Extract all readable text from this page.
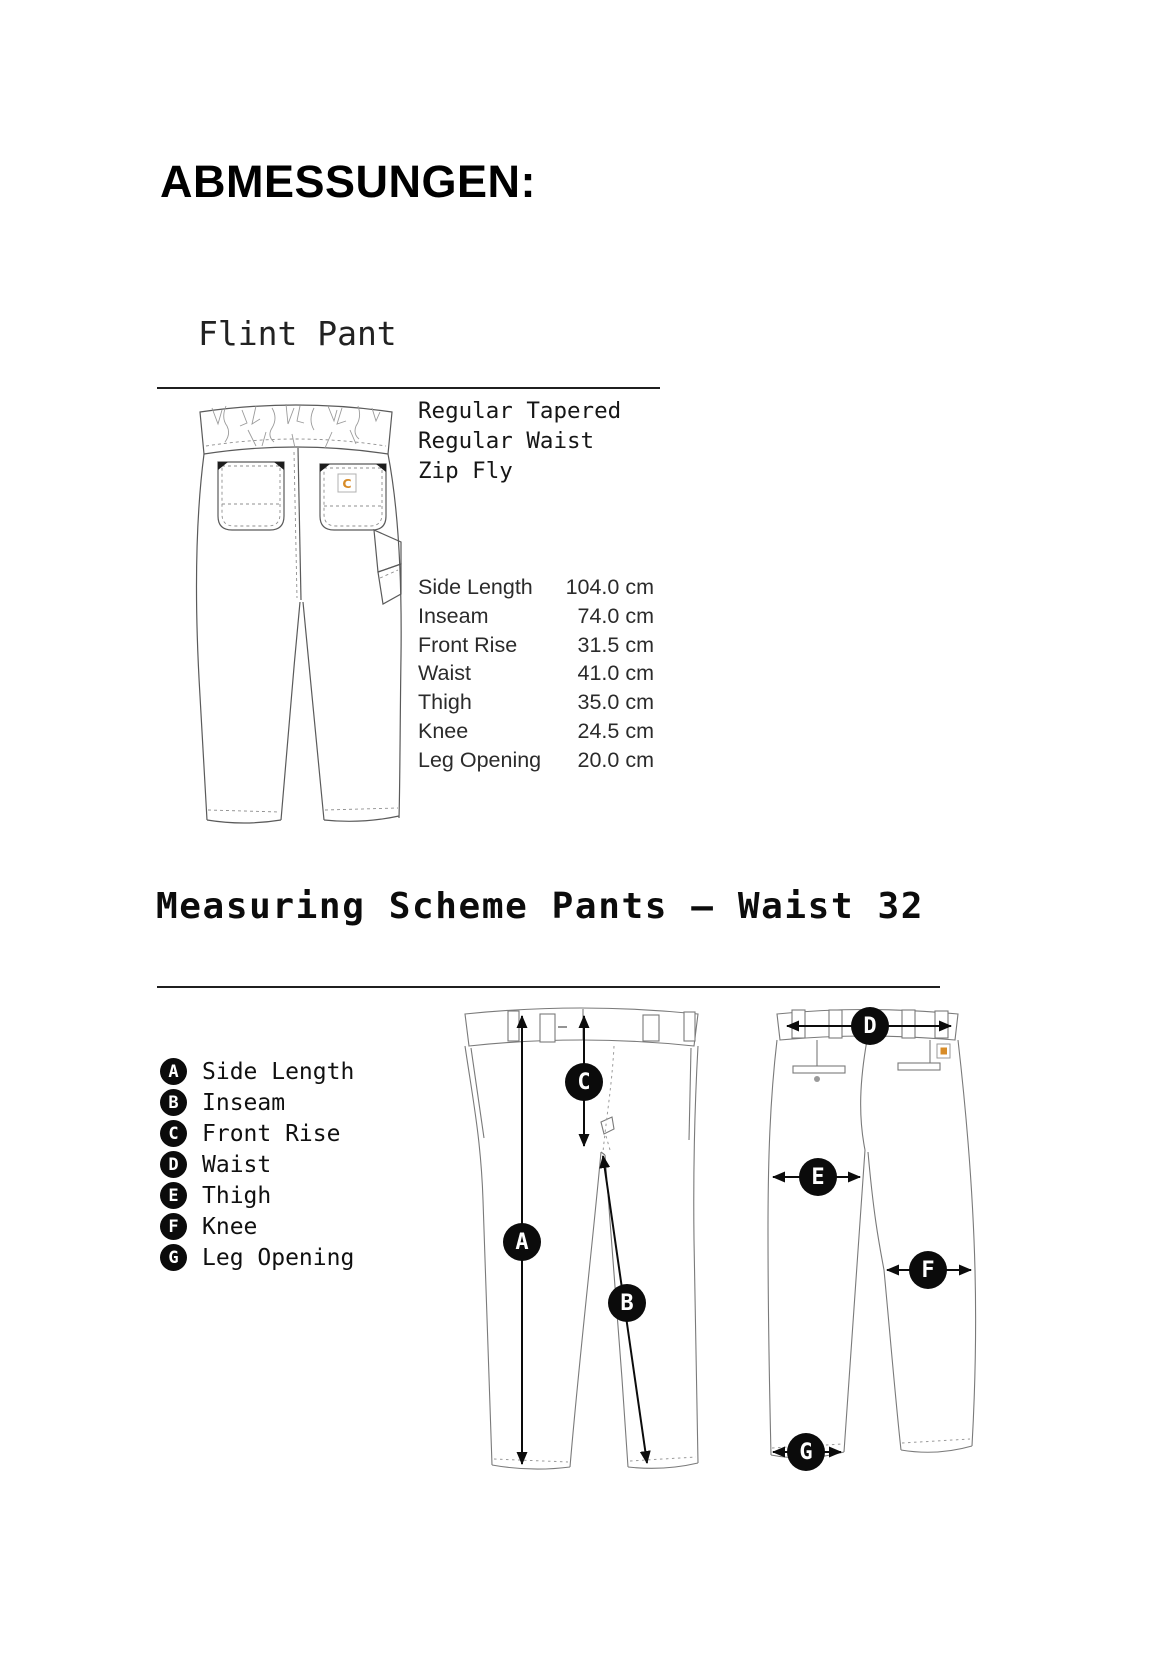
ABMESSUNGEN:
Flint Pant
C
Regular Tapered
Regular Waist
Zip Fly
Side Length 104.0 cm
Inseam	74.0 cm
Front Rise	31.5 cm
Waist	41.0 cm
Thigh	35.0 cm
Knee	24.5 cm
Leg Opening 20.0 cm
Measuring Scheme Pants – Waist 32
A	Side Length
B	Inseam
C	Front Rise
D	Waist
E	Thigh
F	Knee
G	Leg Opening
A
C
B
D
E
F
G
